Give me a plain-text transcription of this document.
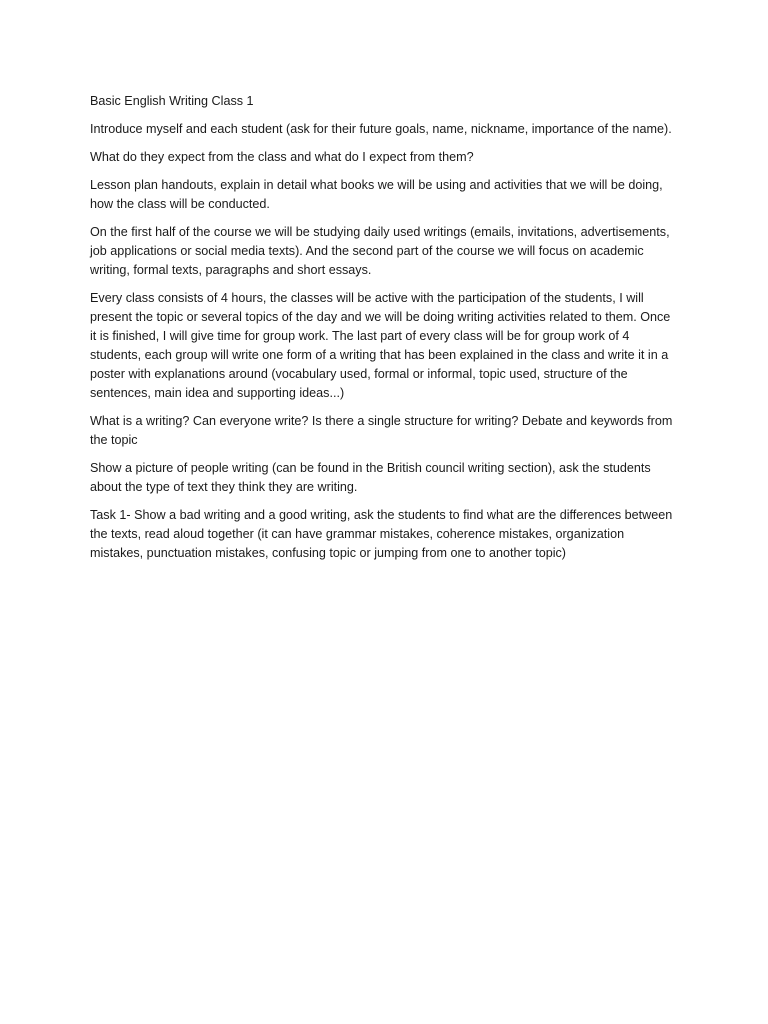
Basic English Writing Class 1

Introduce myself and each student (ask for their future goals, name, nickname, importance of the name).

What do they expect from the class and what do I expect from them?

Lesson plan handouts, explain in detail what books we will be using and activities that we will be doing, how the class will be conducted.

On the first half of the course we will be studying daily used writings (emails, invitations, advertisements, job applications or social media texts). And the second part of the course we will focus on academic writing, formal texts, paragraphs and short essays.

Every class consists of 4 hours, the classes will be active with the participation of the students, I will present the topic or several topics of the day and we will be doing writing activities related to them. Once it is finished, I will give time for group work. The last part of every class will be for group work of 4 students, each group will write one form of a writing that has been explained in the class and write it in a poster with explanations around (vocabulary used, formal or informal, topic used, structure of the sentences, main idea and supporting ideas...)

What is a writing? Can everyone write? Is there a single structure for writing? Debate and keywords from the topic

Show a picture of people writing (can be found in the British council writing section), ask the students about the type of text they think they are writing.

Task 1- Show a bad writing and a good writing, ask the students to find what are the differences between the texts, read aloud together (it can have grammar mistakes, coherence mistakes, organization mistakes, punctuation mistakes, confusing topic or jumping from one to another topic)
